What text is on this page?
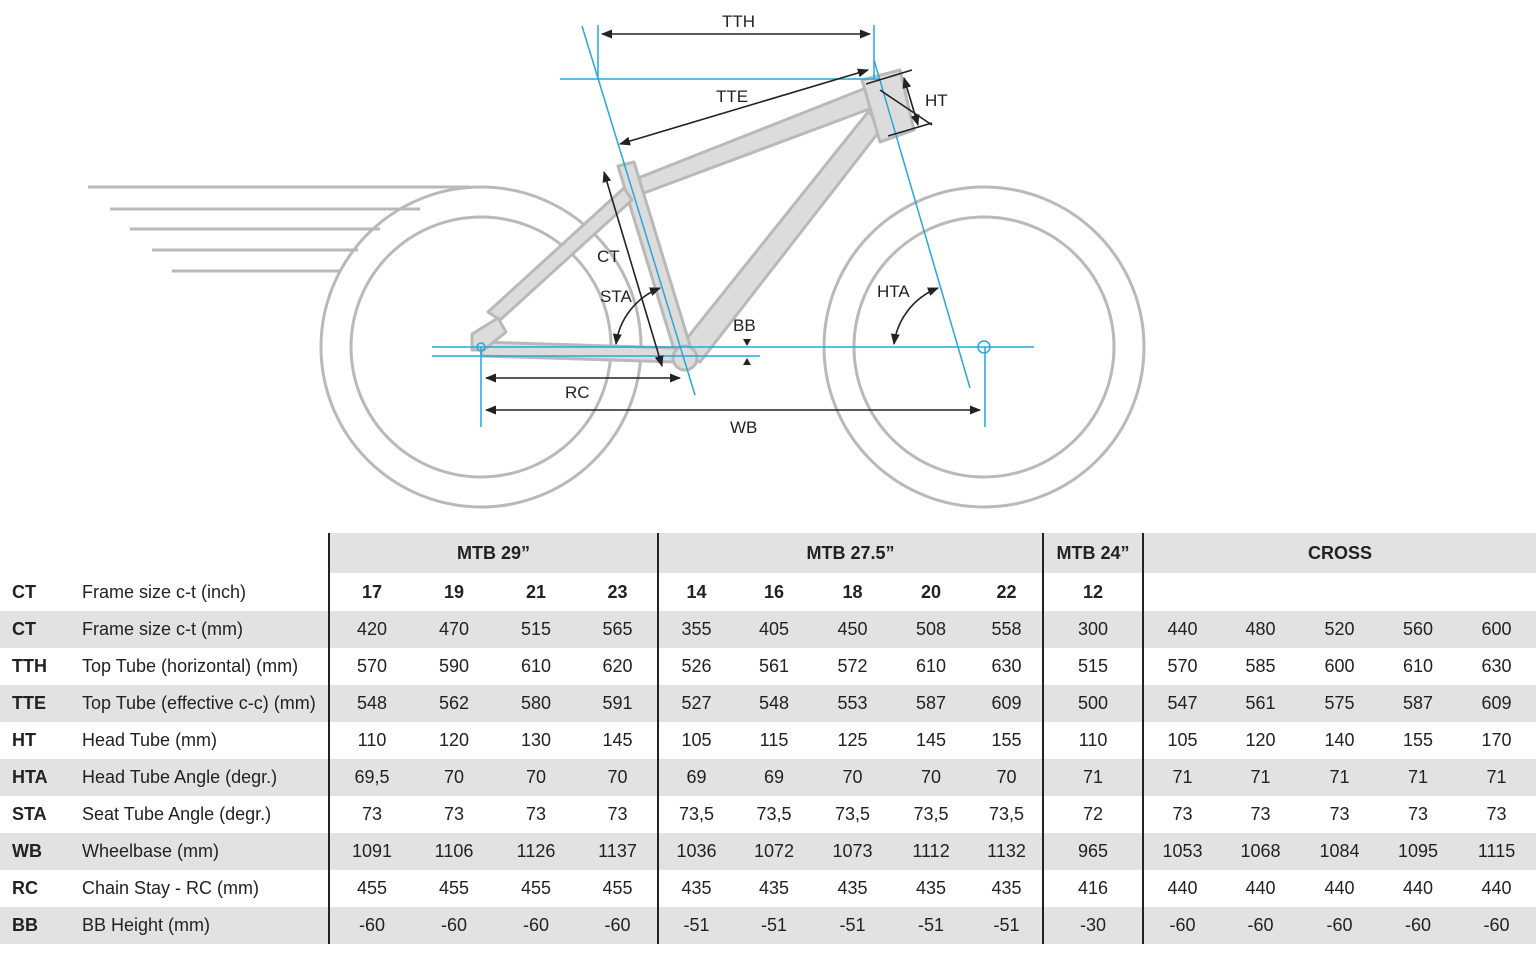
TTH
TTE	HT
CT
STA	HTA
BB
RC
WB
		MTB 29”				MTB 27.5”					MTB 24”	CROSS				
CT	Frame size c-t (inch)	17	19	21	23	14	16	18	20	22	12					
CT	Frame size c-t (mm)	420	470	515	565	355	405	450	508	558	300	440	480	520	560	600
TTH	Top Tube (horizontal) (mm)	570	590	610	620	526	561	572	610	630	515	570	585	600	610	630
TTE	Top Tube (effective c-c) (mm)	548	562	580	591	527	548	553	587	609	500	547	561	575	587	609
HT	Head Tube (mm)	110	120	130	145	105	115	125	145	155	110	105	120	140	155	170
HTA	Head Tube Angle (degr.)	69,5	70	70	70	69	69	70	70	70	71	71	71	71	71	71
STA	Seat Tube Angle (degr.)	73	73	73	73	73,5	73,5	73,5	73,5	73,5	72	73	73	73	73	73
WB	Wheelbase (mm)	1091	1106	1126	1137	1036	1072	1073	1112	1132	965	1053	1068	1084	1095	1115
RC	Chain Stay - RC (mm)	455	455	455	455	435	435	435	435	435	416	440	440	440	440	440
BB	BB Height (mm)	-60	-60	-60	-60	-51	-51	-51	-51	-51	-30	-60	-60	-60	-60	-60
